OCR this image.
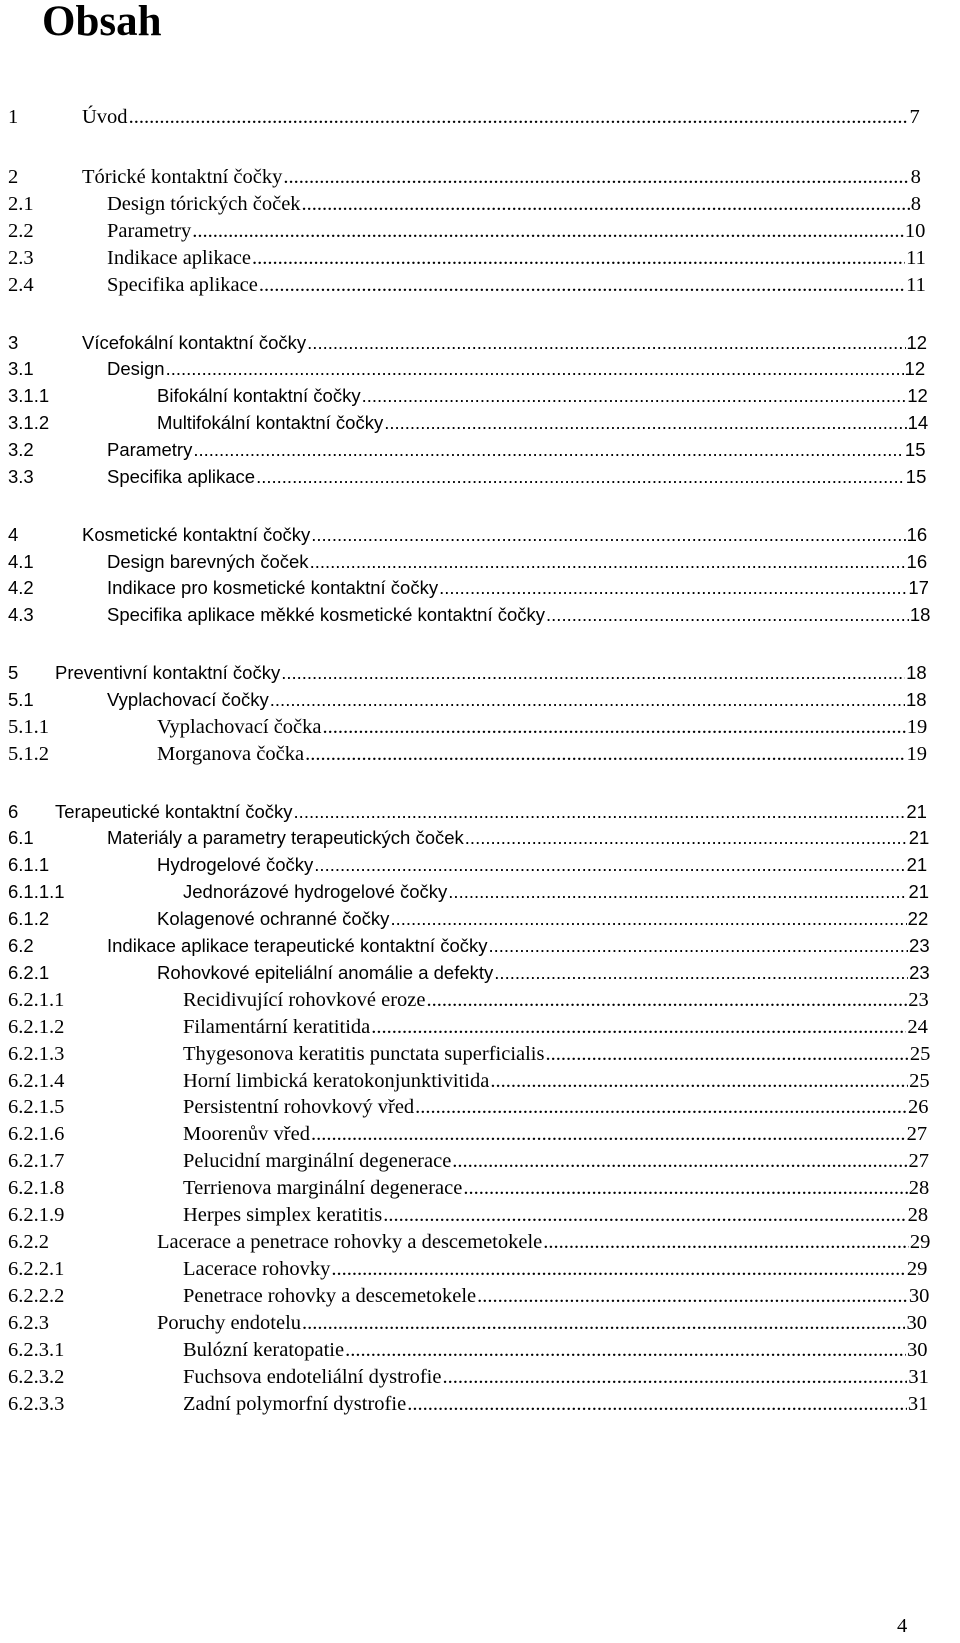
Obsah
1	Úvod .....	7
2	Tórické kontaktní čočky .....	8
2.1	Design tórických čoček .....	8
2.2	Parametry .....	10
2.3	Indikace aplikace .....	11
2.4	Specifika aplikace .....	11
3	Vícefokální kontaktní čočky .....	12
3.1	Design .....	12
3.1.1	Bifokální kontaktní čočky .....	12
3.1.2	Multifokální kontaktní čočky .....	14
3.2	Parametry .....	15
3.3	Specifika aplikace .....	15
4	Kosmetické kontaktní čočky .....	16
4.1	Design barevných čoček .....	16
4.2	Indikace pro kosmetické kontaktní čočky .....	17
4.3	Specifika aplikace měkké kosmetické kontaktní čočky .....	18
5 Preventivní kontaktní čočky .....	18
5.1	Vyplachovací čočky .....	18
5.1.1	Vyplachovací čočka .....	19
5.1.2	Morganova čočka .....	19
6 Terapeutické kontaktní čočky .....	21
6.1	Materiály a parametry terapeutických čoček .....	21
6.1.1	Hydrogelové čočky .....	21
6.1.1.1	Jednorázové hydrogelové čočky .....	21
6.1.2	Kolagenové ochranné čočky .....	22
6.2	Indikace aplikace terapeutické kontaktní čočky .....	23
6.2.1	Rohovkové epiteliální anomálie a defekty .....	23
6.2.1.1	Recidivující rohovkové eroze .....	23
6.2.1.2	Filamentární keratitida .....	24
6.2.1.3	Thygesonova keratitis punctata superficialis .....	25
6.2.1.4	Horní limbická keratokonjunktivitida .....	25
6.2.1.5	Persistentní rohovkový vřed .....	26
6.2.1.6	Moorenův vřed .....	27
6.2.1.7	Pelucidní marginální degenerace .....	27
6.2.1.8	Terrienova marginální degenerace .....	28
6.2.1.9	Herpes simplex keratitis .....	28
6.2.2	Lacerace a penetrace rohovky a descemetokele .....	29
6.2.2.1	Lacerace rohovky .....	29
6.2.2.2	Penetrace rohovky a descemetokele .....	30
6.2.3	Poruchy endotelu .....	30
6.2.3.1	Bulózní keratopatie .....	30
6.2.3.2	Fuchsova endoteliální dystrofie .....	31
6.2.3.3	Zadní polymorfní dystrofie .....	31
4
